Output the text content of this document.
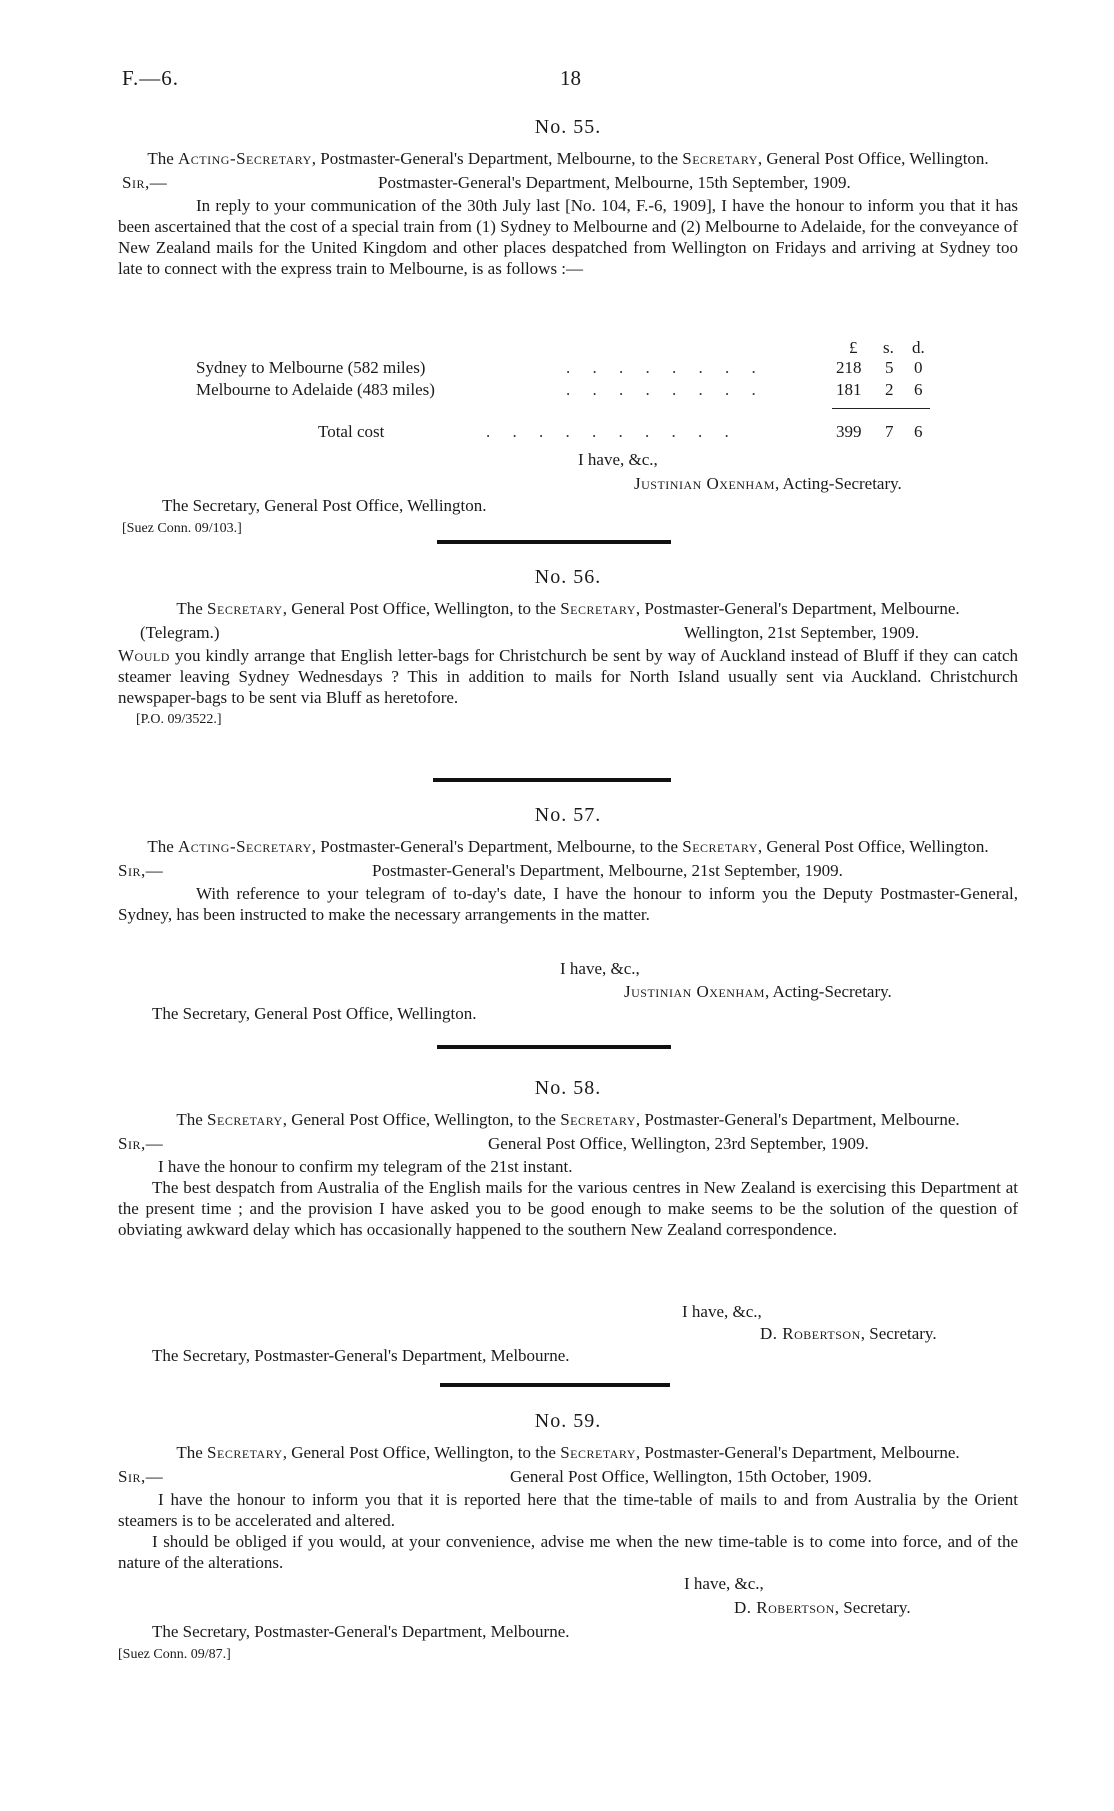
F.—6.	18
No. 55.
The Acting-Secretary, Postmaster-General's Department, Melbourne, to the Secretary, General Post Office, Wellington.
Sir,—	Postmaster-General's Department, Melbourne, 15th September, 1909.

In reply to your communication of the 30th July last [No. 104, F.-6, 1909], I have the honour to inform you that it has been ascertained that the cost of a special train from (1) Sydney to Melbourne and (2) Melbourne to Adelaide, for the conveyance of New Zealand mails for the United Kingdom and other places despatched from Wellington on Fridays and arriving at Sydney too late to connect with the express train to Melbourne, is as follows :—

£ s. d.
Sydney to Melbourne (582 miles)	. . . . . . . .	218 5 0
Melbourne to Adelaide (483 miles)	. . . . . . . .	181 2 6
Total cost	. . . . . . . . . .	399 7 6
I have, &c.,
Justinian Oxenham, Acting-Secretary.
The Secretary, General Post Office, Wellington.
[Suez Conn. 09/103.]
No. 56.
The Secretary, General Post Office, Wellington, to the Secretary, Postmaster-General's Department, Melbourne.
(Telegram.)	Wellington, 21st September, 1909.

Would you kindly arrange that English letter-bags for Christchurch be sent by way of Auckland instead of Bluff if they can catch steamer leaving Sydney Wednesdays ? This in addition to mails for North Island usually sent via Auckland. Christchurch newspaper-bags to be sent via Bluff as heretofore.

[P.O. 09/3522.]
No. 57.
The Acting-Secretary, Postmaster-General's Department, Melbourne, to the Secretary, General Post Office, Wellington.
Sir,—	Postmaster-General's Department, Melbourne, 21st September, 1909.

With reference to your telegram of to-day's date, I have the honour to inform you the Deputy Postmaster-General, Sydney, has been instructed to make the necessary arrangements in the matter.

I have, &c.,
Justinian Oxenham, Acting-Secretary.
The Secretary, General Post Office, Wellington.
No. 58.
The Secretary, General Post Office, Wellington, to the Secretary, Postmaster-General's Department, Melbourne.
Sir,—	General Post Office, Wellington, 23rd September, 1909.

I have the honour to confirm my telegram of the 21st instant.

The best despatch from Australia of the English mails for the various centres in New Zealand is exercising this Department at the present time ; and the provision I have asked you to be good enough to make seems to be the solution of the question of obviating awkward delay which has occasionally happened to the southern New Zealand correspondence.

I have, &c.,
D. Robertson, Secretary.
The Secretary, Postmaster-General's Department, Melbourne.
No. 59.
The Secretary, General Post Office, Wellington, to the Secretary, Postmaster-General's Department, Melbourne.
Sir,—	General Post Office, Wellington, 15th October, 1909.

I have the honour to inform you that it is reported here that the time-table of mails to and from Australia by the Orient steamers is to be accelerated and altered.

I should be obliged if you would, at your convenience, advise me when the new time-table is to come into force, and of the nature of the alterations.

I have, &c.,
D. Robertson, Secretary.
The Secretary, Postmaster-General's Department, Melbourne.
[Suez Conn. 09/87.]
